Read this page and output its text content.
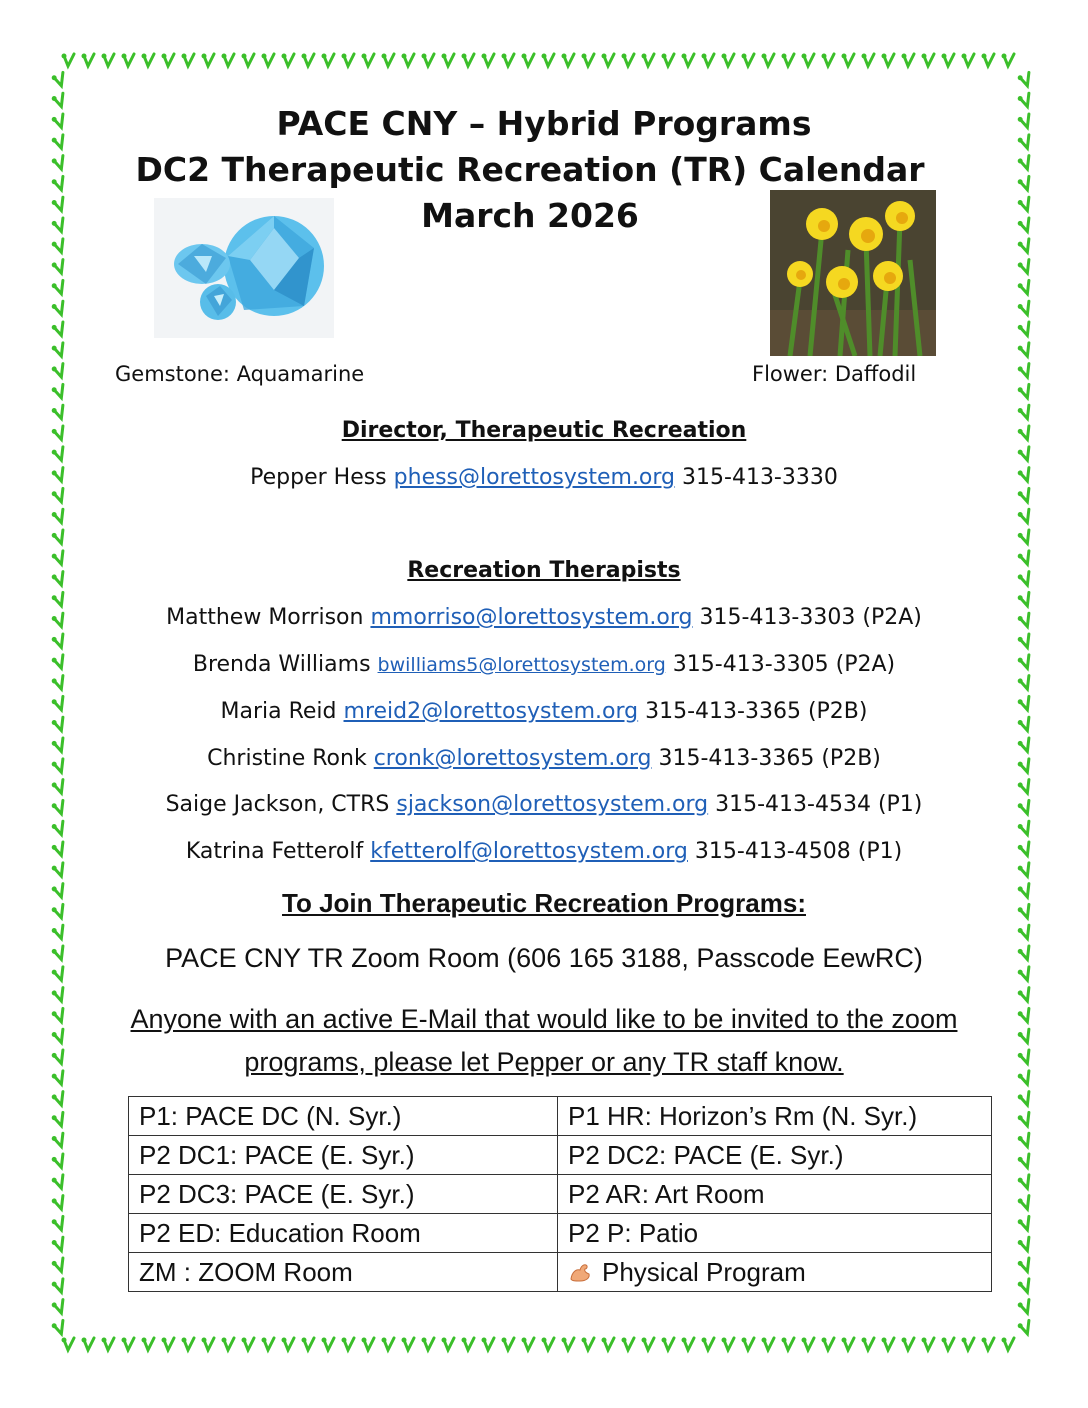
PACE CNY – Hybrid Programs
DC2 Therapeutic Recreation (TR) Calendar
March 2026
Gemstone: Aquamarine	Flower: Daffodil
Director, Therapeutic Recreation
Pepper Hess phess@lorettosystem.org 315-413-3330
Recreation Therapists
Matthew Morrison mmorriso@lorettosystem.org 315-413-3303 (P2A)
Brenda Williams bwilliams5@lorettosystem.org 315-413-3305 (P2A)
Maria Reid mreid2@lorettosystem.org 315-413-3365 (P2B)
Christine Ronk cronk@lorettosystem.org 315-413-3365 (P2B)
Saige Jackson, CTRS sjackson@lorettosystem.org 315-413-4534 (P1)
Katrina Fetterolf kfetterolf@lorettosystem.org 315-413-4508 (P1)
To Join Therapeutic Recreation Programs:
PACE CNY TR Zoom Room (606 165 3188, Passcode EewRC)
Anyone with an active E-Mail that would like to be invited to the zoom programs, please let Pepper or any TR staff know.
P1: PACE DC (N. Syr.)	P1 HR: Horizon’s Rm (N. Syr.)
P2 DC1: PACE (E. Syr.)	P2 DC2: PACE (E. Syr.)
P2 DC3: PACE (E. Syr.)	P2 AR: Art Room
P2 ED: Education Room	P2 P: Patio
ZM : ZOOM Room	Physical Program
